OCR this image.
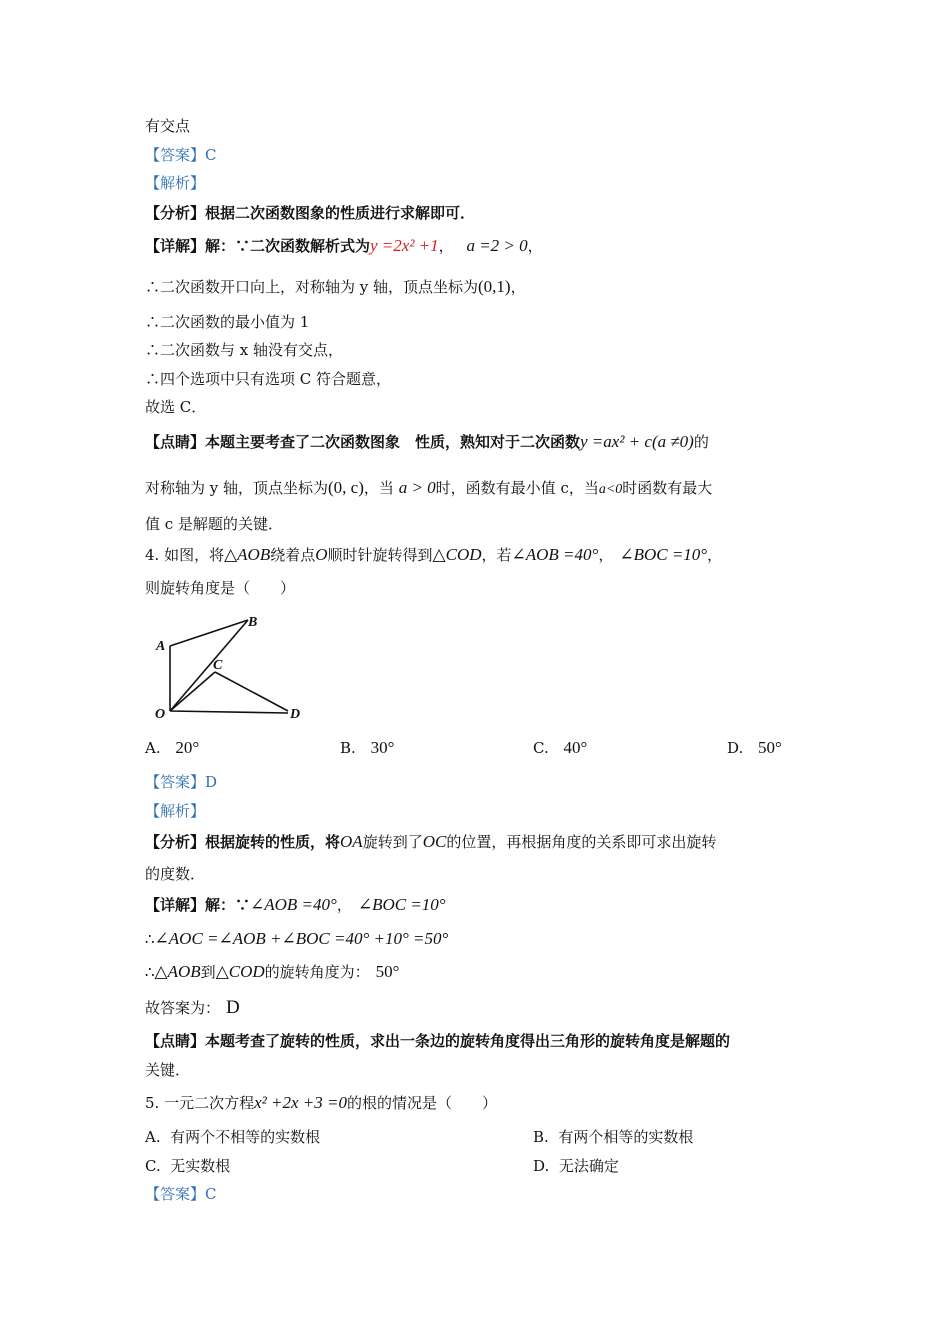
有交点
【答案】C
【解析】
【分析】根据二次函数图象的性质进行求解即可．
【详解】解：∵二次函数解析式为y =2x² +1， a =2 > 0，
∴二次函数开口向上，对称轴为 y 轴，顶点坐标为(0,1)，
∴二次函数的最小值为 1
∴二次函数与 x 轴没有交点，
∴四个选项中只有选项 C 符合题意，
故选 C．
【点睛】本题主要考查了二次函数图象　性质，熟知对于二次函数y =ax² + c(a ≠0)的
对称轴为 y 轴，顶点坐标为(0, c)，当 a > 0时，函数有最小值 c，当a<0时函数有最大
值 c 是解题的关键．
4. 如图，将△AOB绕着点O顺时针旋转得到△COD，若∠AOB =40°， ∠BOC =10°，
则旋转角度是（　　）
A
B
C
O	D
A. 20°	B. 30°	C. 40°	D. 50°
【答案】D
【解析】
【分析】根据旋转的性质，将OA旋转到了OC的位置，再根据角度的关系即可求出旋转
的度数．
【详解】解：∵∠AOB =40°， ∠BOC =10°
∴∠AOC =∠AOB +∠BOC =40° +10° =50°
∴△AOB到△COD的旋转角度为： 50°
故答案为： D
【点睛】本题考查了旋转的性质，求出一条边的旋转角度得出三角形的旋转角度是解题的
关键．
5. 一元二次方程x² +2x +3 =0的根的情况是（　　）
A. 有两个不相等的实数根	B. 有两个相等的实数根
C. 无实数根	D. 无法确定
【答案】C
